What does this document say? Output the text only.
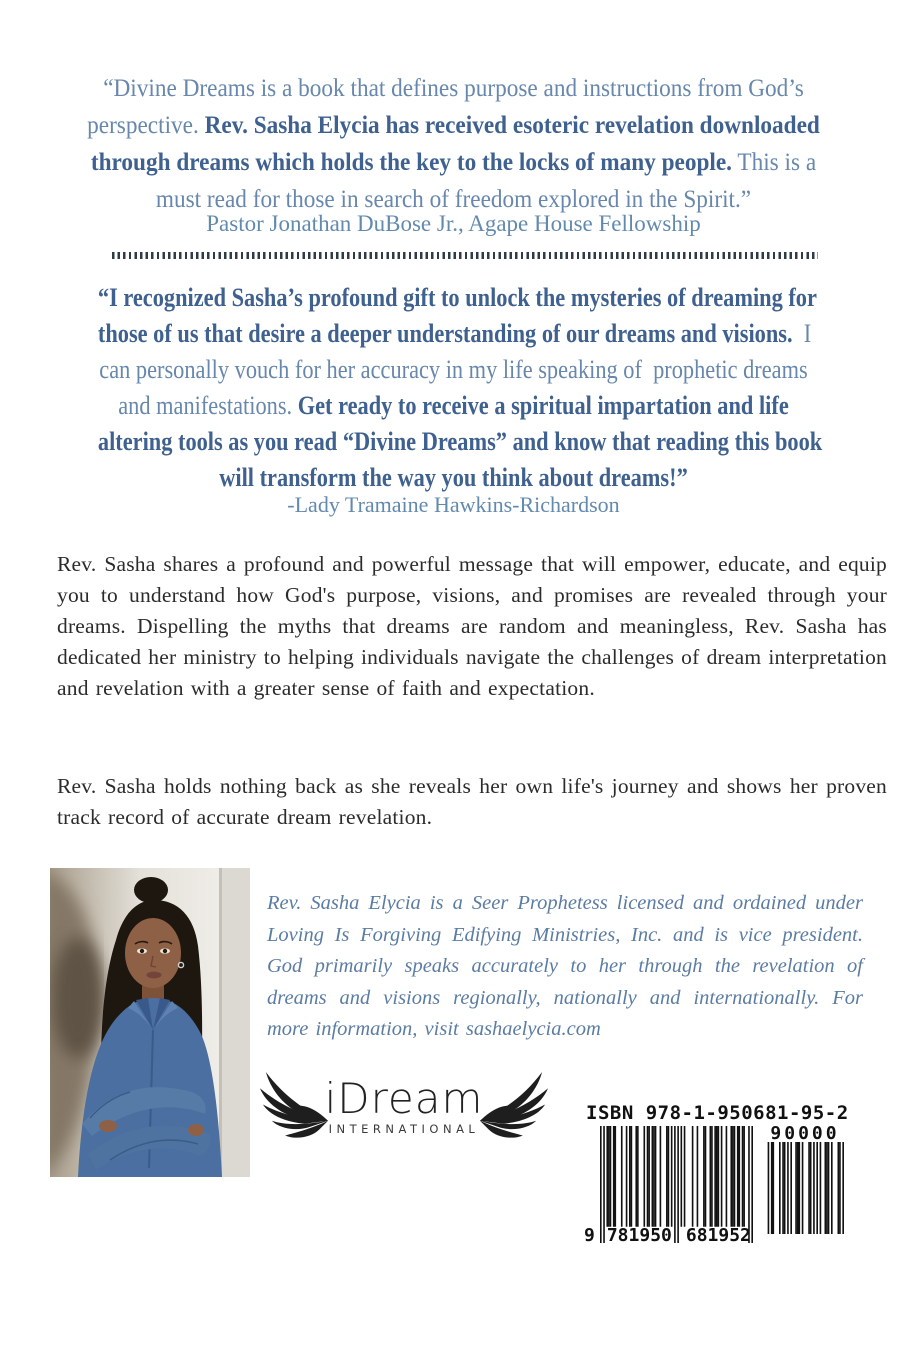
“Divine Dreams is a book that defines purpose and instructions from God’s
perspective. Rev. Sasha Elycia has received esoteric revelation downloaded
through dreams which holds the key to the locks of many people. This is a
must read for those in search of freedom explored in the Spirit.”
Pastor Jonathan DuBose Jr., Agape House Fellowship
“I recognized Sasha’s profound gift to unlock the mysteries of dreaming for
those of us that desire a deeper understanding of our dreams and visions.  I
can personally vouch for her accuracy in my life speaking of  prophetic dreams
and manifestations. Get ready to receive a spiritual impartation and life
altering tools as you read “Divine Dreams” and know that reading this book
will transform the way you think about dreams!”
-Lady Tramaine Hawkins-Richardson

Rev. Sasha shares a profound and powerful message that will empower, educate, and equip you to understand how God's purpose, visions, and promises are revealed through your dreams. Dispelling the myths that dreams are random and meaningless, Rev. Sasha has dedicated her ministry to helping individuals navigate the challenges of dream interpretation and revelation with a greater sense of faith and expectation.

Rev. Sasha holds nothing back as she reveals her own life's journey and shows her proven track record of accurate dream revelation.

Rev. Sasha Elycia is a Seer Prophetess licensed and ordained under Loving Is Forgiving Edifying Ministries, Inc. and is vice president. God primarily speaks accurately to her through the revelation of dreams and visions regionally, nationally and internationally. For more information, visit sashaelycia.com

iDream
INTERNATIONAL
ISBN 978-1-950681-95-2
9 781950 681952
90000
